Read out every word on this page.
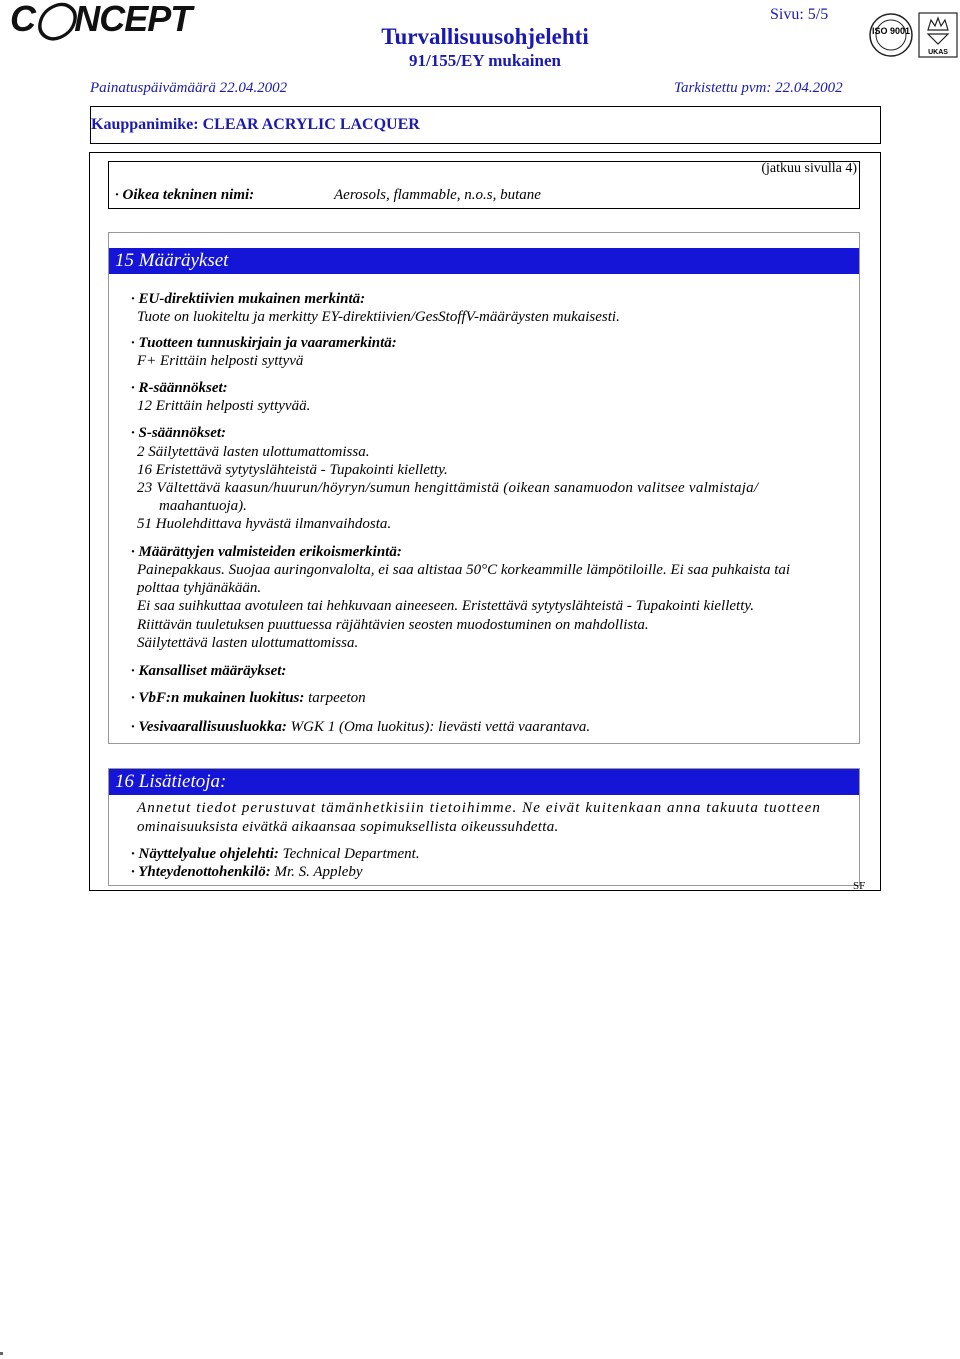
C◯NCEPT	Turvallisuusohjelehti
91/155/EY mukainen
Sivu: 5/5
ISO 9001
UKAS
Painatuspäivämäärä 22.04.2002	Tarkistettu pvm: 22.04.2002
Kauppanimike: CLEAR ACRYLIC LACQUER
(jatkuu sivulla 4)
· Oikea tekninen nimi:	Aerosols, flammable, n.o.s, butane
15 Määräykset
· EU-direktiivien mukainen merkintä:
Tuote on luokiteltu ja merkitty EY-direktiivien/GesStoffV-määräysten mukaisesti.
· Tuotteen tunnuskirjain ja vaaramerkintä:
F+ Erittäin helposti syttyvä
· R-säännökset:
12 Erittäin helposti syttyvää.
· S-säännökset:
2 Säilytettävä lasten ulottumattomissa.
16 Eristettävä sytytyslähteistä - Tupakointi kielletty.
23 Vältettävä kaasun/huurun/höyryn/sumun hengittämistä (oikean sanamuodon valitsee valmistaja/
maahantuoja).
51 Huolehdittava hyvästä ilmanvaihdosta.
· Määrättyjen valmisteiden erikoismerkintä:
Painepakkaus. Suojaa auringonvalolta, ei saa altistaa 50°C korkeammille lämpötiloille. Ei saa puhkaista tai
polttaa tyhjänäkään.
Ei saa suihkuttaa avotuleen tai hehkuvaan aineeseen. Eristettävä sytytyslähteistä - Tupakointi kielletty.
Riittävän tuuletuksen puuttuessa räjähtävien seosten muodostuminen on mahdollista.
Säilytettävä lasten ulottumattomissa.
· Kansalliset määräykset:
· VbF:n mukainen luokitus: tarpeeton
· Vesivaarallisuusluokka: WGK 1 (Oma luokitus): lievästi vettä vaarantava.
16 Lisätietoja:
Annetut tiedot perustuvat tämänhetkisiin tietoihimme. Ne eivät kuitenkaan anna takuuta tuotteen
ominaisuuksista eivätkä aikaansaa sopimuksellista oikeussuhdetta.
· Näyttelyalue ohjelehti: Technical Department.
· Yhteydenottohenkilö: Mr. S. Appleby
SF
